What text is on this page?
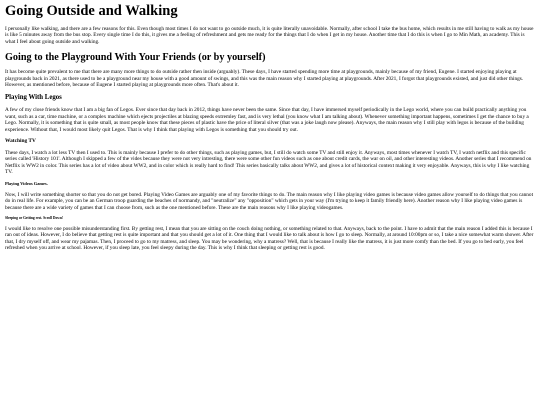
Going Outside and Walking

I personally like walking, and there are a few reasons for this. Even though most times I do not want to go outside much, it is quite literally unavoidable. Normally, after school I take the bus home, which results in me still having to walk as my house is like 5 minutes away from the bus stop. Every single time I do this, it gives me a feeling of refreshment and gets me ready for the things that I do when I get in my house. Another time that I do this is when I go to Min Math, an academy. This is what I feel about going outside and walking.

Going to the Playground With Your Friends (or by yourself)

It has become quite prevalent to me that there are many more things to do outside rather then inside (arguably). These days, I have started spending more time at playgrounds, mainly because of my friend, Eugene. I started enjoying playing at playgrounds back in 2021, as there used to be a playground near my house with a good amount of swings, and this was the main reason why I started playing at playgrounds. After 2021, I forgot that playgrounds existed, and just did other things. However, as mentioned before, because of Eugene I started playing at playgrounds more often. That's about it.

Playing With Legos

A few of my close friends know that I am a big fan of Legos. Ever since that day back in 2012, things have never been the same. Since that day, I have immersed myself periodically in the Lego world, where you can build practically anything you want, such as a car, time machine, or a complex machine which ejects projectiles at blazing speeds extremley fast, and is very lethal (you know what I am talking about). Whenever something important happens, sometimes I get the chance to buy a Lego. Normally, it is something that is quite small, as most people know that these pieces of plastic have the price of literal silver (that was a joke laugh now please). Anyways, the main reason why I still play with legos is because of the building experience. Without that, I would most likely quit Legos. That is why I think that playing with Legos is something that you should try out.

Watching TV

These days, I watch a lot less TV then I used to. This is mainly because I prefer to do other things, such as playing games, but, I still do watch some TV and still enjoy it. Anyways, most times whenever I watch TV, I watch netflix and this specific series called 'History 101'. Although I skipped a few of the vides because they were not very intresting, there were some other fun videos such as one about credit cards, the war on oil, and other interesting videos. Another series that I recommend on Netflix is WW2 in color. This series has a lot of video about WW2, and in color which is really hard to find! This series basically talks about WW2, and gives a lot of historical context making it very enjoyable. Anyways, this is why I like watching TV.

Playing Videos Games.

Now, I will write something shorter so that you do not get bored. Playing Video Games are arguably one of my favorite things to do. The main reason why I like playing video games is because video games allow yourself to do things that you cannot do in real life. For example, you can be an German troop guarding the beaches of normandy, and "neutralize" any "opposition" which gets in your way (I'm trying to keep it family friendly here). Another reason why I like playing video games is because there are a wide variety of games that I can choose from, such as the one mentioned before. These are the main reasons why I like playing videogames.

Sleeping or Getting rest. Scroll Down!

I would like to resolve one possible misunderstanding first. By getting rest, I mean that you are sitting on the couch doing nothing, or something related to that. Anyways, back to the point. I have to admit that the main reason I added this is because I ran out of ideas. However, I do believe that getting rest is quite important and that you should get a lot of it. One thing that I would like to talk about is how I go to sleep. Normally, at around 10:00pm or so, I take a nice somewhat warm shower. After that, I dry myself off, and wear my pajamas. Then, I proceed to go to my matress, and sleep. You may be wondering, why a matress? Well, that is because I really like the matress, it is just more comfy than the bed. If you go to bed early, you feel refreshed when you arrive at school. However, if you sleep late, you feel sleepy during the day. This is why I think that sleeping or getting rest is good.
